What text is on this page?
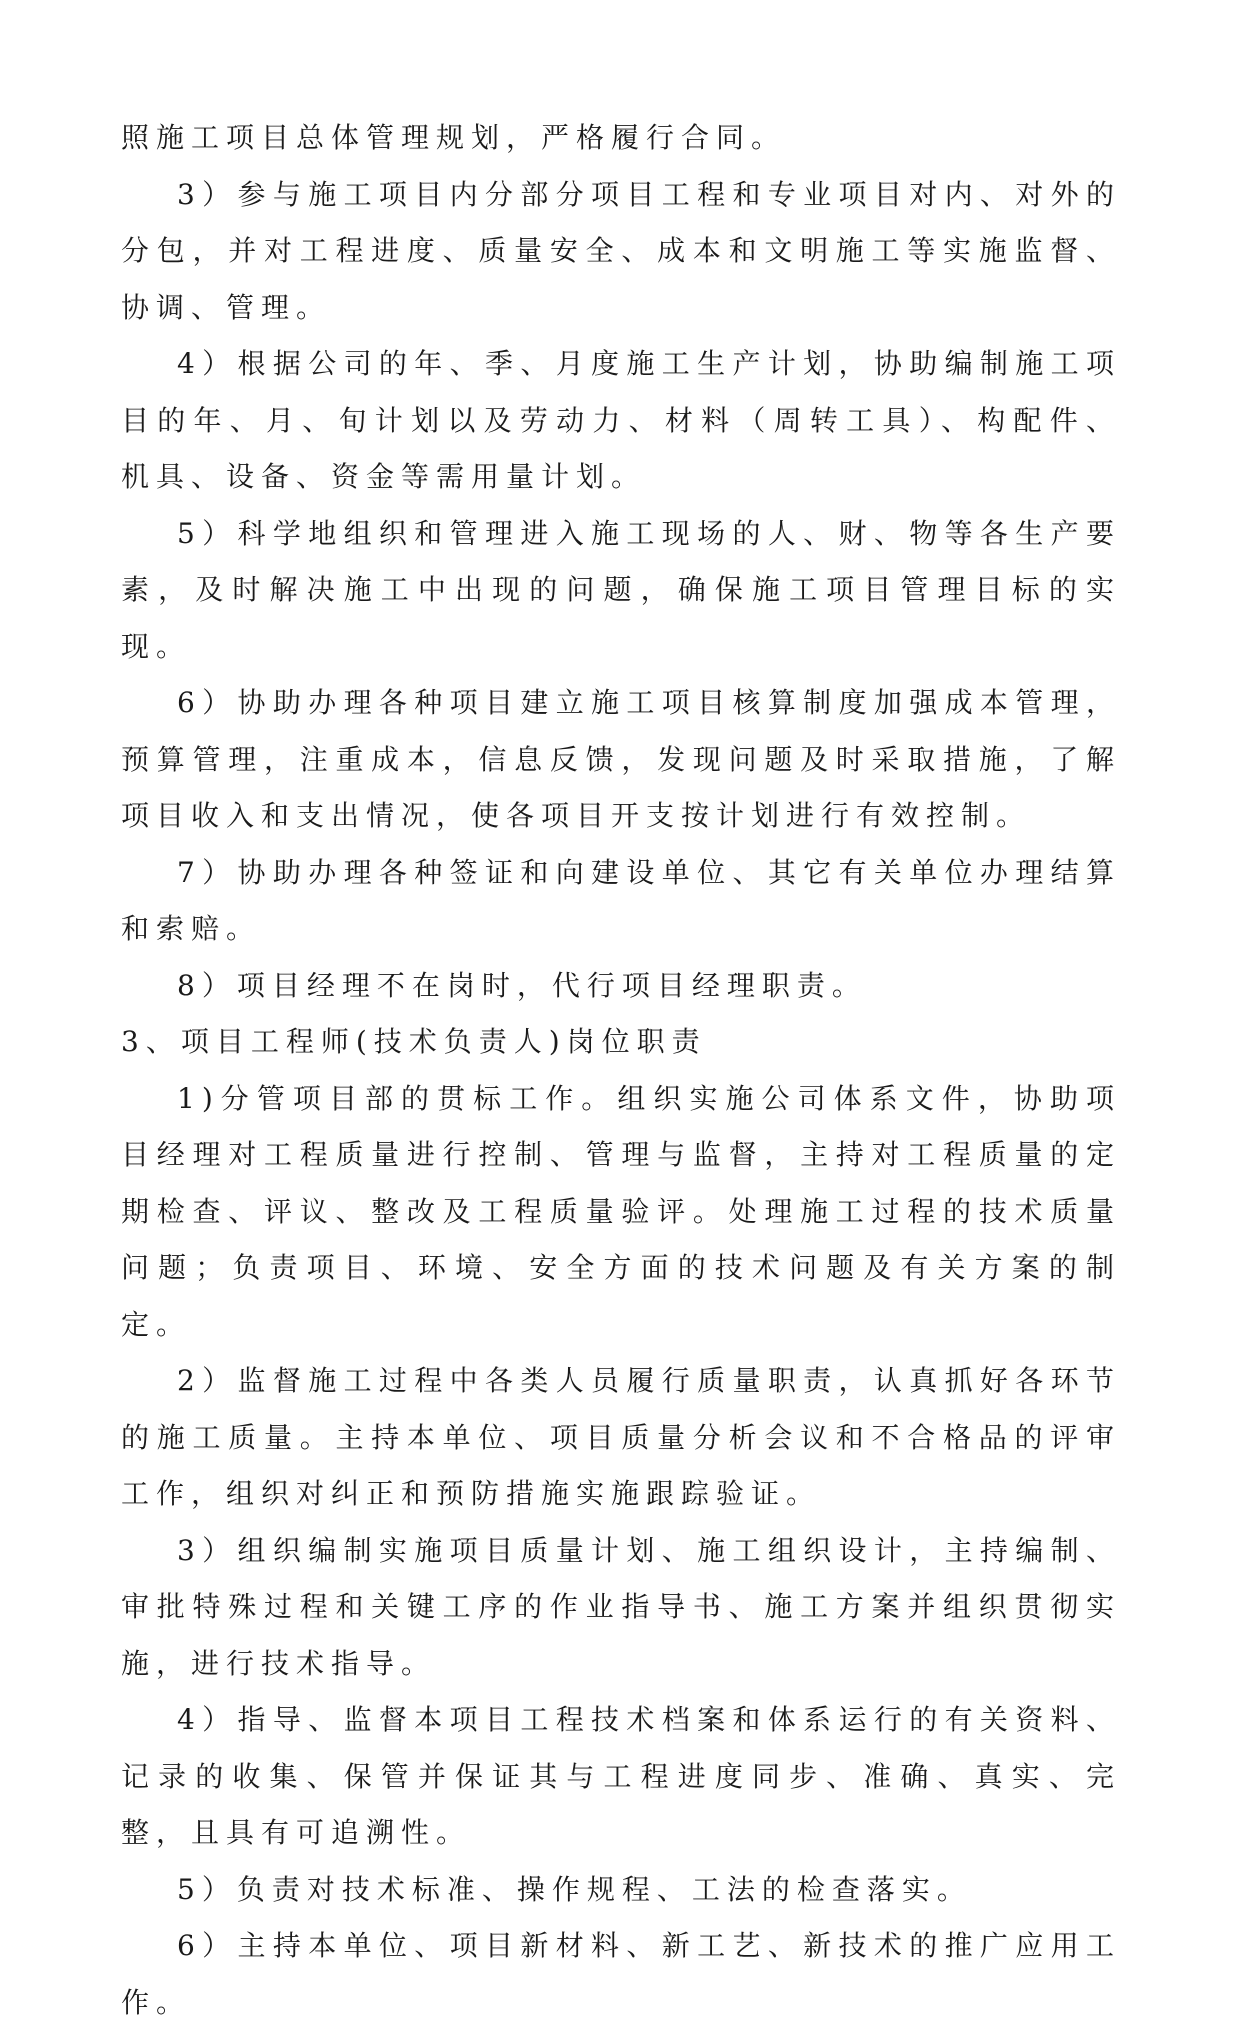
照施工项目总体管理规划，严格履行合同。

3）参与施工项目内分部分项目工程和专业项目对内、对外的分包，并对工程进度、质量安全、成本和文明施工等实施监督、协调、管理。

4）根据公司的年、季、月度施工生产计划，协助编制施工项目的年、月、旬计划以及劳动力、材料（周转工具）、构配件、机具、设备、资金等需用量计划。

5）科学地组织和管理进入施工现场的人、财、物等各生产要素，及时解决施工中出现的问题，确保施工项目管理目标的实现。

6）协助办理各种项目建立施工项目核算制度加强成本管理，预算管理，注重成本，信息反馈，发现问题及时采取措施，了解项目收入和支出情况，使各项目开支按计划进行有效控制。

7）协助办理各种签证和向建设单位、其它有关单位办理结算和索赔。

8）项目经理不在岗时，代行项目经理职责。

3、项目工程师(技术负责人)岗位职责

1)分管项目部的贯标工作。组织实施公司体系文件，协助项目经理对工程质量进行控制、管理与监督，主持对工程质量的定期检查、评议、整改及工程质量验评。处理施工过程的技术质量问题；负责项目、环境、安全方面的技术问题及有关方案的制定。

2）监督施工过程中各类人员履行质量职责，认真抓好各环节的施工质量。主持本单位、项目质量分析会议和不合格品的评审工作，组织对纠正和预防措施实施跟踪验证。

3）组织编制实施项目质量计划、施工组织设计，主持编制、审批特殊过程和关键工序的作业指导书、施工方案并组织贯彻实施，进行技术指导。

4）指导、监督本项目工程技术档案和体系运行的有关资料、记录的收集、保管并保证其与工程进度同步、准确、真实、完整，且具有可追溯性。

5）负责对技术标准、操作规程、工法的检查落实。

6）主持本单位、项目新材料、新工艺、新技术的推广应用工作。
